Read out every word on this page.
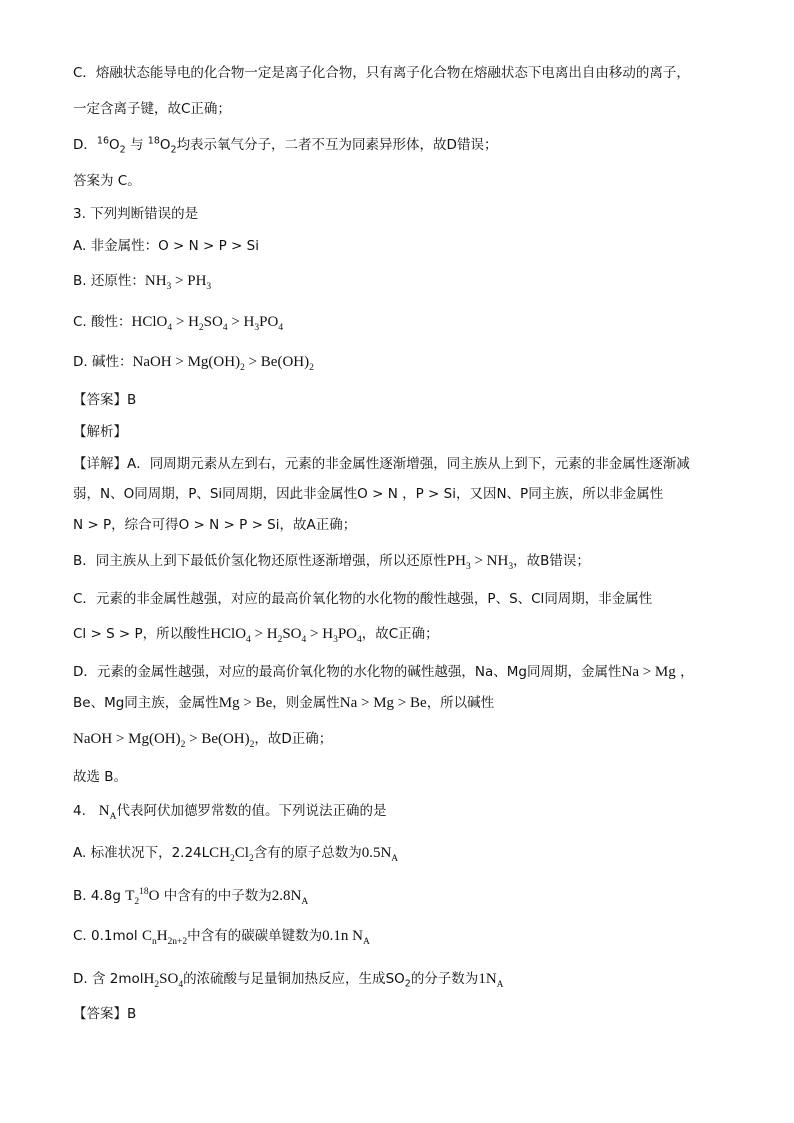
C．熔融状态能导电的化合物一定是离子化合物，只有离子化合物在熔融状态下电离出自由移动的离子，
一定含离子键，故C正确；
D．$^{16}O_2$ 与 $^{18}O_2$均表示氧气分子，二者不互为同素异形体，故D错误；
答案为 C。
3. 下列判断错误的是
A. 非金属性：O > N > P > Si
B. 还原性：$NH_3 > PH_3$
C. 酸性：HClO$_4$ > $H_2SO_4 > H_3PO_4$
D. 碱性：NaOH > $Mg(OH)_2 > Be(OH)_2$
【答案】B
【解析】
【详解】A．同周期元素从左到右，元素的非金属性逐渐增强，同主族从上到下，元素的非金属性逐渐减
弱，N、O同周期，P、Si同周期，因此非金属性O > N ，P > Si，又因N、P同主族，所以非金属性
N > P，综合可得O > N > P > Si，故A正确；
B．同主族从上到下最低价氢化物还原性逐渐增强，所以还原性$PH_3 > NH_3$，故B错误；
C．元素的非金属性越强，对应的最高价氧化物的水化物的酸性越强，P、S、Cl同周期，非金属性
Cl > S > P，所以酸性HClO$_4$ > $H_2SO_4 > H_3PO_4$，故C正确；
D．元素的金属性越强，对应的最高价氧化物的水化物的碱性越强，Na、Mg同周期，金属性Na > Mg ，
Be、Mg同主族，金属性Mg > Be，则金属性Na > Mg > Be，所以碱性
NaOH > $Mg(OH)_2 > Be(OH)_2$，故D正确；
故选 B。
4. $N_A$代表阿伏加德罗常数的值。下列说法正确的是
A. 标准状况下，$2.24LCH_2Cl_2$含有的原子总数为$0.5N_A$
B. 4.8g $T_2^{18}O$ 中含有的中子数为$2.8N_A$
C. 0.1mol $C_nH_{2n+2}$中含有的碳碳单键数为0.1n $N_A$
D. 含 $2molH_2SO_4$的浓硫酸与足量铜加热反应，生成$SO_2$的分子数为$1N_A$
【答案】B
